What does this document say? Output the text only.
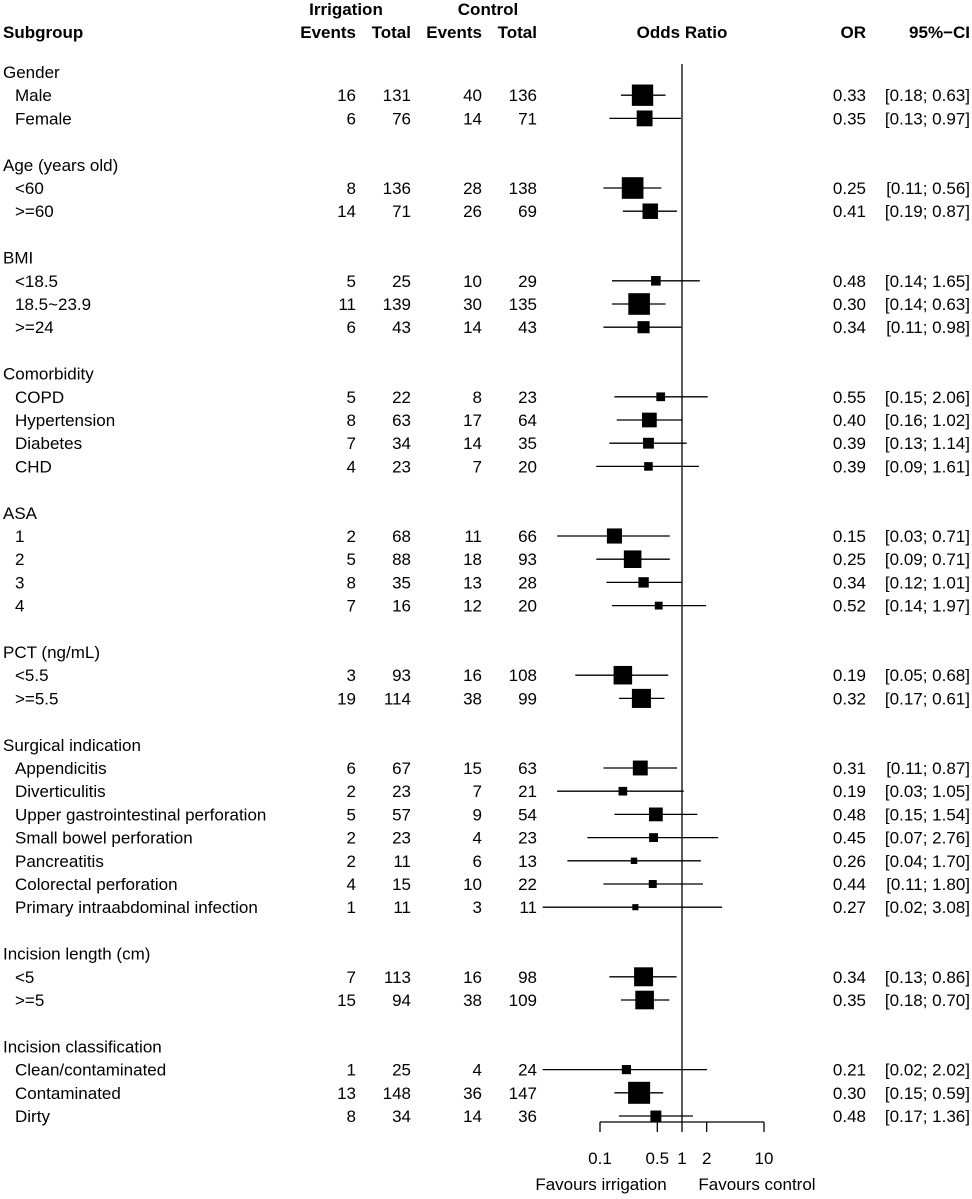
Irrigation	Control
Subgroup	Events Total Events Total	Odds Ratio	OR	95%−CI
Gender
Male	16 131	40 136	0.33 [0.18; 0.63]
Female	6 76	14 71	0.35 [0.13; 0.97]
Age (years old)
<60	8 136	28 138	0.25 [0.11; 0.56]
>=60	14 71	26 69	0.41 [0.19; 0.87]
BMI
<18.5	5 25	10 29	0.48 [0.14; 1.65]
18.5~23.9	11 139	30 135	0.30 [0.14; 0.63]
>=24	6 43	14 43	0.34 [0.11; 0.98]
Comorbidity
COPD	5 22	8 23	0.55 [0.15; 2.06]
Hypertension	8 63	17 64	0.40 [0.16; 1.02]
Diabetes	7 34	14 35	0.39 [0.13; 1.14]
CHD	4 23	7 20	0.39 [0.09; 1.61]
ASA
1	2 68	11 66	0.15 [0.03; 0.71]
2	5 88	18 93	0.25 [0.09; 0.71]
3	8 35	13 28	0.34 [0.12; 1.01]
4	7 16	12 20	0.52 [0.14; 1.97]
PCT (ng/mL)
<5.5	3 93	16 108	0.19 [0.05; 0.68]
>=5.5	19 114	38 99	0.32 [0.17; 0.61]
Surgical indication
Appendicitis	6 67	15 63	0.31 [0.11; 0.87]
Diverticulitis	2 23	7 21	0.19 [0.03; 1.05]
Upper gastrointestinal perforation	5 57	9 54	0.48 [0.15; 1.54]
Small bowel perforation	2 23	4 23	0.45 [0.07; 2.76]
Pancreatitis	2 11	6 13	0.26 [0.04; 1.70]
Colorectal perforation	4 15	10 22	0.44 [0.11; 1.80]
Primary intraabdominal infection	1 11	3 11	0.27 [0.02; 3.08]
Incision length (cm)
<5	7 113	16 98	0.34 [0.13; 0.86]
>=5	15 94	38 109	0.35 [0.18; 0.70]
Incision classification
Clean/contaminated	1 25	4 24	0.21 [0.02; 2.02]
Contaminated	13 148	36 147	0.30 [0.15; 0.59]
Dirty	8 34	14 36	0.48 [0.17; 1.36]
0.1 0.5 1 2	10
Favours irrigation Favours control
